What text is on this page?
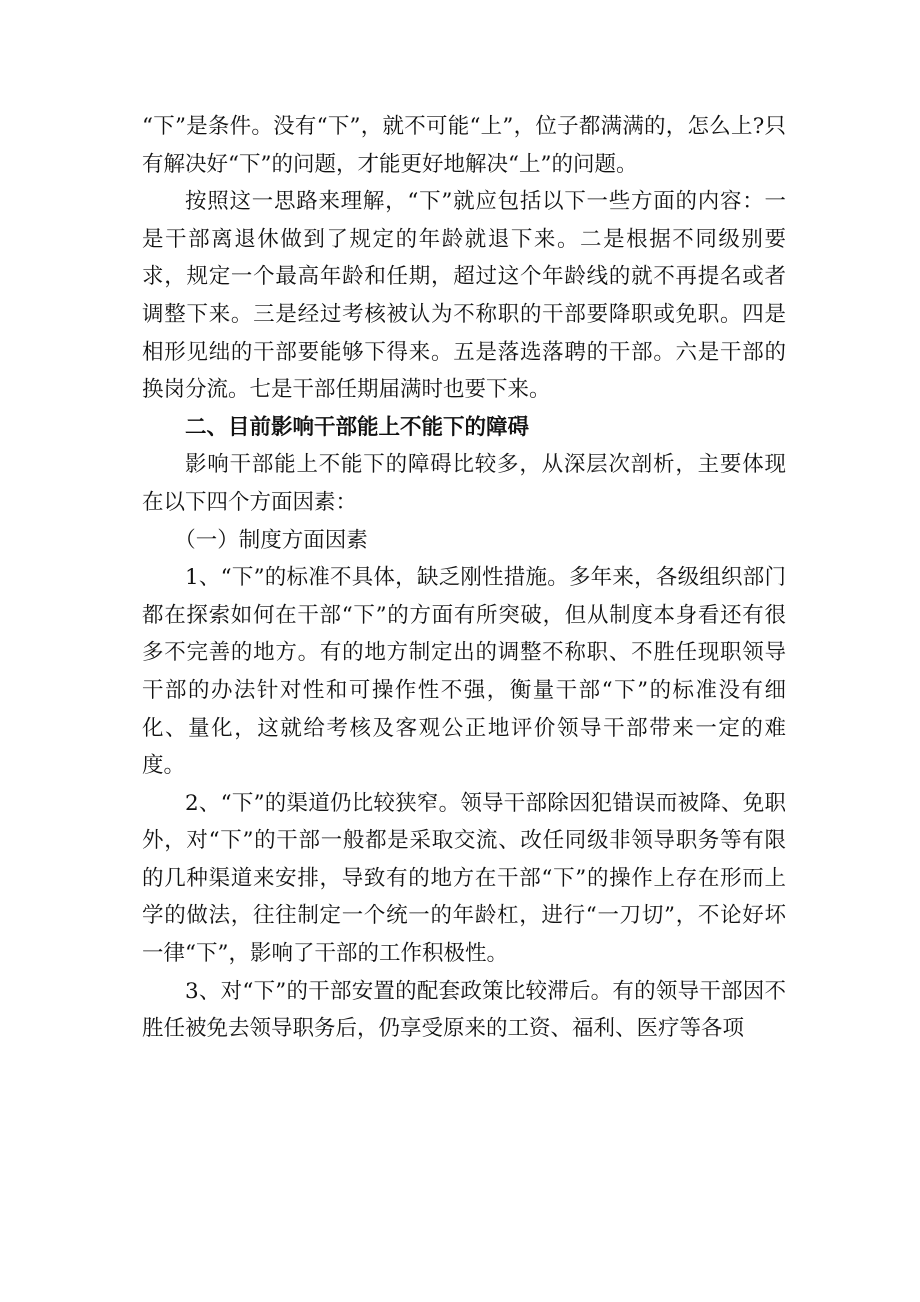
“下”是条件。没有“下”，就不可能“上”，位子都满满的，怎么上?只有解决好“下”的问题，才能更好地解决“上”的问题。

按照这一思路来理解，“下”就应包括以下一些方面的内容：一是干部离退休做到了规定的年龄就退下来。二是根据不同级别要求，规定一个最高年龄和任期，超过这个年龄线的就不再提名或者调整下来。三是经过考核被认为不称职的干部要降职或免职。四是相形见绌的干部要能够下得来。五是落选落聘的干部。六是干部的换岗分流。七是干部任期届满时也要下来。

二、目前影响干部能上不能下的障碍

影响干部能上不能下的障碍比较多，从深层次剖析，主要体现在以下四个方面因素：

（一）制度方面因素

1、“下”的标准不具体，缺乏刚性措施。多年来，各级组织部门都在探索如何在干部“下”的方面有所突破，但从制度本身看还有很多不完善的地方。有的地方制定出的调整不称职、不胜任现职领导干部的办法针对性和可操作性不强，衡量干部“下”的标准没有细化、量化，这就给考核及客观公正地评价领导干部带来一定的难度。

2、“下”的渠道仍比较狭窄。领导干部除因犯错误而被降、免职外，对“下”的干部一般都是采取交流、改任同级非领导职务等有限的几种渠道来安排，导致有的地方在干部“下”的操作上存在形而上学的做法，往往制定一个统一的年龄杠，进行“一刀切”，不论好坏一律“下”，影响了干部的工作积极性。

3、对“下”的干部安置的配套政策比较滞后。有的领导干部因不胜任被免去领导职务后，仍享受原来的工资、福利、医疗等各项
